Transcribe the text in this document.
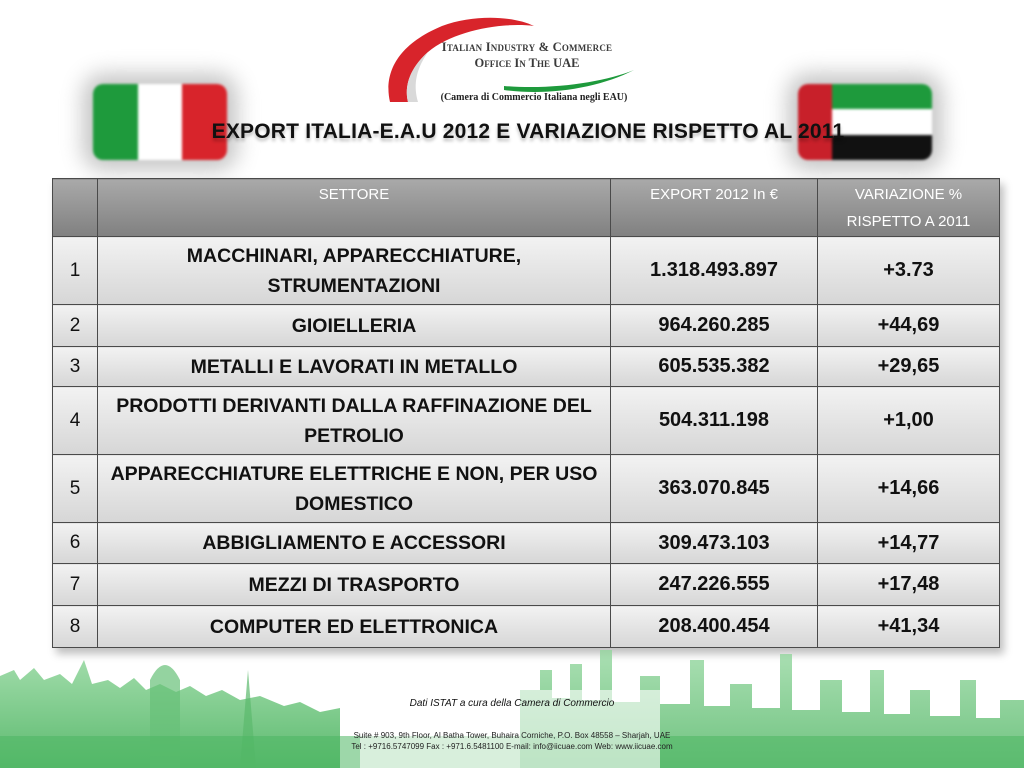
Italian Industry & Commerce
Office In The UAE
(Camera di Commercio Italiana negli EAU)
EXPORT ITALIA-E.A.U 2012 E VARIAZIONE RISPETTO AL 2011
	SETTORE	EXPORT 2012 In €	VARIAZIONE %
RISPETTO A 2011

1	MACCHINARI, APPARECCHIATURE, STRUMENTAZIONI	1.318.493.897	+3.73
2	GIOIELLERIA	964.260.285	+44,69
3	METALLI E LAVORATI IN METALLO	605.535.382	+29,65
4	PRODOTTI DERIVANTI DALLA RAFFINAZIONE DEL PETROLIO	504.311.198	+1,00
5	APPARECCHIATURE ELETTRICHE E NON, PER USO DOMESTICO	363.070.845	+14,66
6	ABBIGLIAMENTO E ACCESSORI	309.473.103	+14,77
7	MEZZI DI TRASPORTO	247.226.555	+17,48
8	COMPUTER ED ELETTRONICA	208.400.454	+41,34
Dati ISTAT a cura della Camera di Commercio
Suite # 903, 9th Floor, Al Batha Tower, Buhaira Corniche, P.O. Box 48558 – Sharjah, UAE
Tel : +9716.5747099 Fax : +971.6.5481100 E-mail: info@iicuae.com Web: www.iicuae.com
